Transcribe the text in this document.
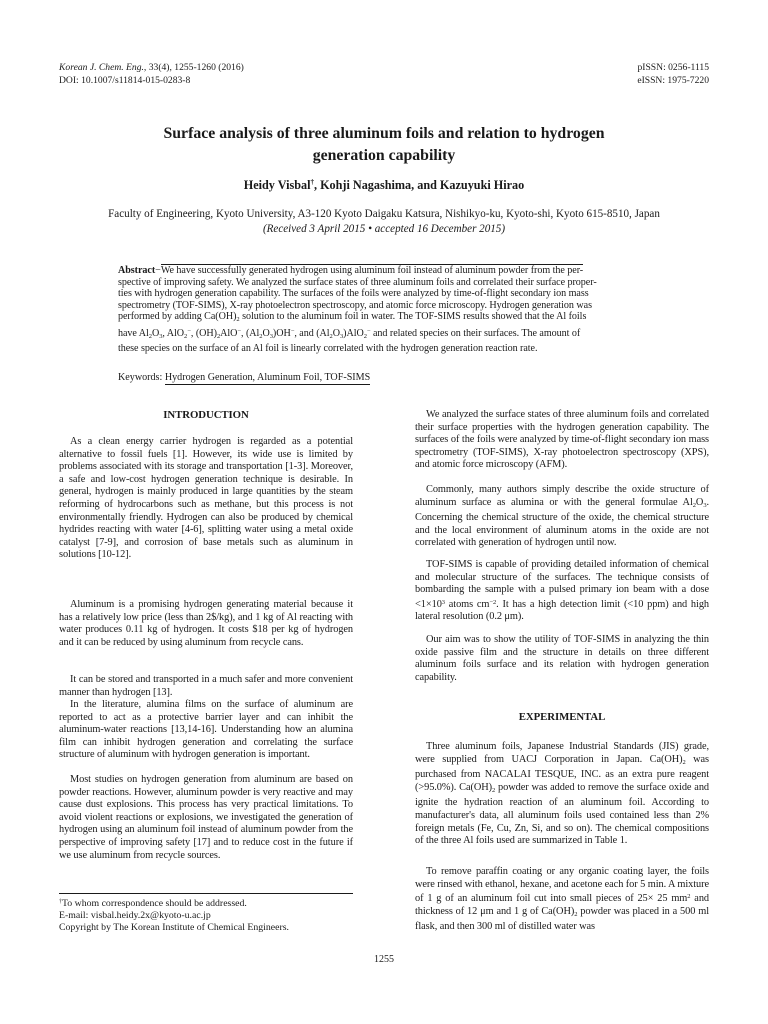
Korean J. Chem. Eng., 33(4), 1255-1260 (2016)
DOI: 10.1007/s11814-015-0283-8
pISSN: 0256-1115
eISSN: 1975-7220
Surface analysis of three aluminum foils and relation to hydrogen
generation capability
Heidy Visbal†, Kohji Nagashima, and Kazuyuki Hirao
Faculty of Engineering, Kyoto University, A3-120 Kyoto Daigaku Katsura, Nishikyo-ku, Kyoto-shi, Kyoto 615-8510, Japan
(Received 3 April 2015 • accepted 16 December 2015)
Abstract−We have successfully generated hydrogen using aluminum foil instead of aluminum powder from the per-
spective of improving safety. We analyzed the surface states of three aluminum foils and correlated their surface proper-
ties with hydrogen generation capability. The surfaces of the foils were analyzed by time-of-flight secondary ion mass
spectrometry (TOF-SIMS), X-ray photoelectron spectroscopy, and atomic force microscopy. Hydrogen generation was
performed by adding $Ca(OH)_2$ solution to the aluminum foil in water. The TOF-SIMS results showed that the Al foils
have $Al_2O_3$, AlO$_2$−, $(OH)_2AlO^-$, $(Al_2O_3)OH^-$, and $(Al_2O_3)AlO_2^-$ and related species on their surfaces. The amount of
these species on the surface of an Al foil is linearly correlated with the hydrogen generation reaction rate.
Keywords: Hydrogen Generation, Aluminum Foil, TOF-SIMS
INTRODUCTION
As a clean energy carrier hydrogen is regarded as a potential alternative to fossil fuels [1]. However, its wide use is limited by problems associated with its storage and transportation [1-3]. Moreover, a safe and low-cost hydrogen generation technique is desirable. In general, hydrogen is mainly produced in large quantities by the steam reforming of hydrocarbons such as methane, but this process is not environmentally friendly. Hydrogen can also be produced by chemical hydrides reacting with water [4-6], splitting water using a metal oxide catalyst [7-9], and corrosion of base metals such as aluminum in solutions [10-12].
Aluminum is a promising hydrogen generating material because it has a relatively low price (less than 2$/kg), and 1 kg of Al reacting with water produces 0.11 kg of hydrogen. It costs $18 per kg of hydrogen and it can be reduced by using aluminum from recycle cans.
It can be stored and transported in a much safer and more convenient manner than hydrogen [13].
In the literature, alumina films on the surface of aluminum are reported to act as a protective barrier layer and can inhibit the aluminum-water reactions [13,14-16]. Understanding how an alumina film can inhibit hydrogen generation and correlating the surface structure of aluminum with hydrogen generation is important.
Most studies on hydrogen generation from aluminum are based on powder reactions. However, aluminum powder is very reactive and may cause dust explosions. This process has very practical limitations. To avoid violent reactions or explosions, we investigated the generation of hydrogen using an aluminum foil instead of aluminum powder from the perspective of improving safety [17] and to reduce cost in the future if we use aluminum from recycle sources.
†To whom correspondence should be addressed.
E-mail: visbal.heidy.2x@kyoto-u.ac.jp
Copyright by The Korean Institute of Chemical Engineers.
We analyzed the surface states of three aluminum foils and correlated their surface properties with the hydrogen generation capability. The surfaces of the foils were analyzed by time-of-flight secondary ion mass spectrometry (TOF-SIMS), X-ray photoelectron spectroscopy (XPS), and atomic force microscopy (AFM).
Commonly, many authors simply describe the oxide structure of aluminum surface as alumina or with the general formulae $Al_2O_3$. Concerning the chemical structure of the oxide, the chemical structure and the local environment of aluminum atoms in the oxide are not correlated with generation of hydrogen until now.
TOF-SIMS is capable of providing detailed information of chemical and molecular structure of the surfaces. The technique consists of bombarding the sample with a pulsed primary ion beam with a dose $<1\times 10^3$ atoms $cm^{-2}$. It has a high detection limit (<10 ppm) and high lateral resolution (0.2 μm).
Our aim was to show the utility of TOF-SIMS in analyzing the thin oxide passive film and the structure in details on three different aluminum foils surface and its relation with hydrogen generation capability.
EXPERIMENTAL
Three aluminum foils, Japanese Industrial Standards (JIS) grade, were supplied from UACJ Corporation in Japan. $Ca(OH)_2$ was purchased from NACALAI TESQUE, INC. as an extra pure reagent (>95.0%). $Ca(OH)_2$ powder was added to remove the surface oxide and ignite the hydration reaction of an aluminum foil. According to manufacturer's data, all aluminum foils used contained less than 2% foreign metals (Fe, Cu, Zn, Si, and so on). The chemical compositions of the three Al foils used are summarized in Table 1.
To remove paraffin coating or any organic coating layer, the foils were rinsed with ethanol, hexane, and acetone each for 5 min. A mixture of 1 g of an aluminum foil cut into small pieces of 25× 25 $mm^2$ and thickness of 12 μm and 1 g of $Ca(OH)_2$ powder was placed in a 500 ml flask, and then 300 ml of distilled water was
1255
